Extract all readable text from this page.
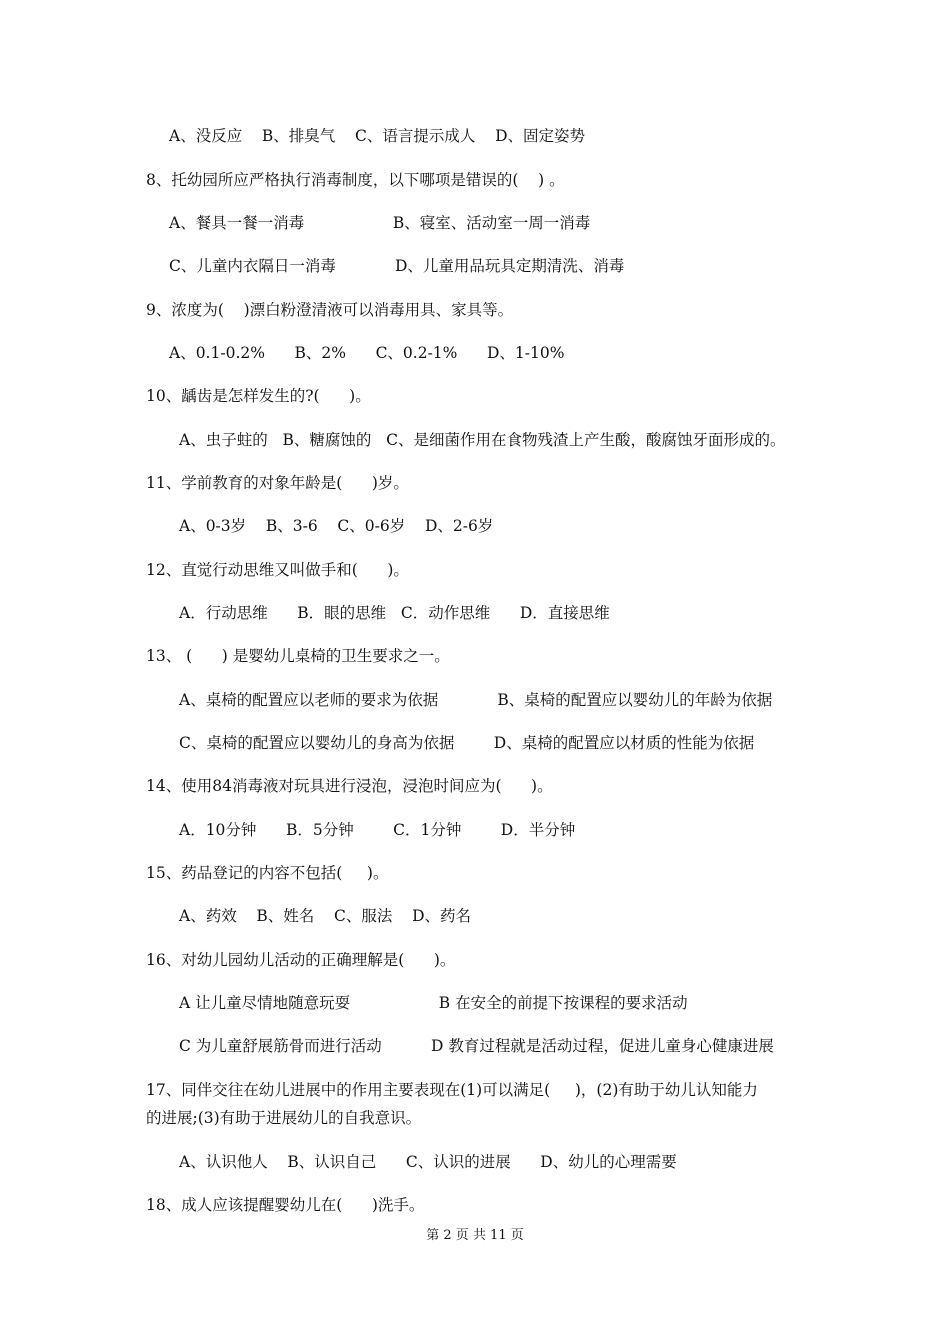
A、没反应    B、排臭气    C、语言提示成人    D、固定姿势
8、托幼园所应严格执行消毒制度，以下哪项是错误的(    ) 。
A、餐具一餐一消毒                  B、寝室、活动室一周一消毒
C、儿童内衣隔日一消毒            D、儿童用品玩具定期清洗、消毒
9、浓度为(    )漂白粉澄清液可以消毒用具、家具等。
A、0.1-0.2%      B、2%      C、0.2-1%      D、1-10%
10、龋齿是怎样发生的?(      )。
A、虫子蛀的   B、糖腐蚀的   C、是细菌作用在食物残渣上产生酸，酸腐蚀牙面形成的。
11、学前教育的对象年龄是(      )岁。
A、0-3岁    B、3-6    C、0-6岁    D、2-6岁
12、直觉行动思维又叫做手和(      )。
A．行动思维      B．眼的思维   C．动作思维      D．直接思维
13、 (      ) 是婴幼儿桌椅的卫生要求之一。
A、桌椅的配置应以老师的要求为依据            B、桌椅的配置应以婴幼儿的年龄为依据
C、桌椅的配置应以婴幼儿的身高为依据        D、桌椅的配置应以材质的性能为依据
14、使用84消毒液对玩具进行浸泡，浸泡时间应为(      )。
A．10分钟      B．5分钟        C．1分钟        D．半分钟
15、药品登记的内容不包括(     )。
A、药效    B、姓名    C、服法    D、药名
16、对幼儿园幼儿活动的正确理解是(      )。
A 让儿童尽情地随意玩耍                  B 在安全的前提下按课程的要求活动
C 为儿童舒展筋骨而进行活动          D 教育过程就是活动过程，促进儿童身心健康进展
17、同伴交往在幼儿进展中的作用主要表现在(1)可以满足(     )，(2)有助于幼儿认知能力
的进展;(3)有助于进展幼儿的自我意识。
A、认识他人    B、认识自己      C、认识的进展      D、幼儿的心理需要
18、成人应该提醒婴幼儿在(      )洗手。
第 2 页 共 11 页
